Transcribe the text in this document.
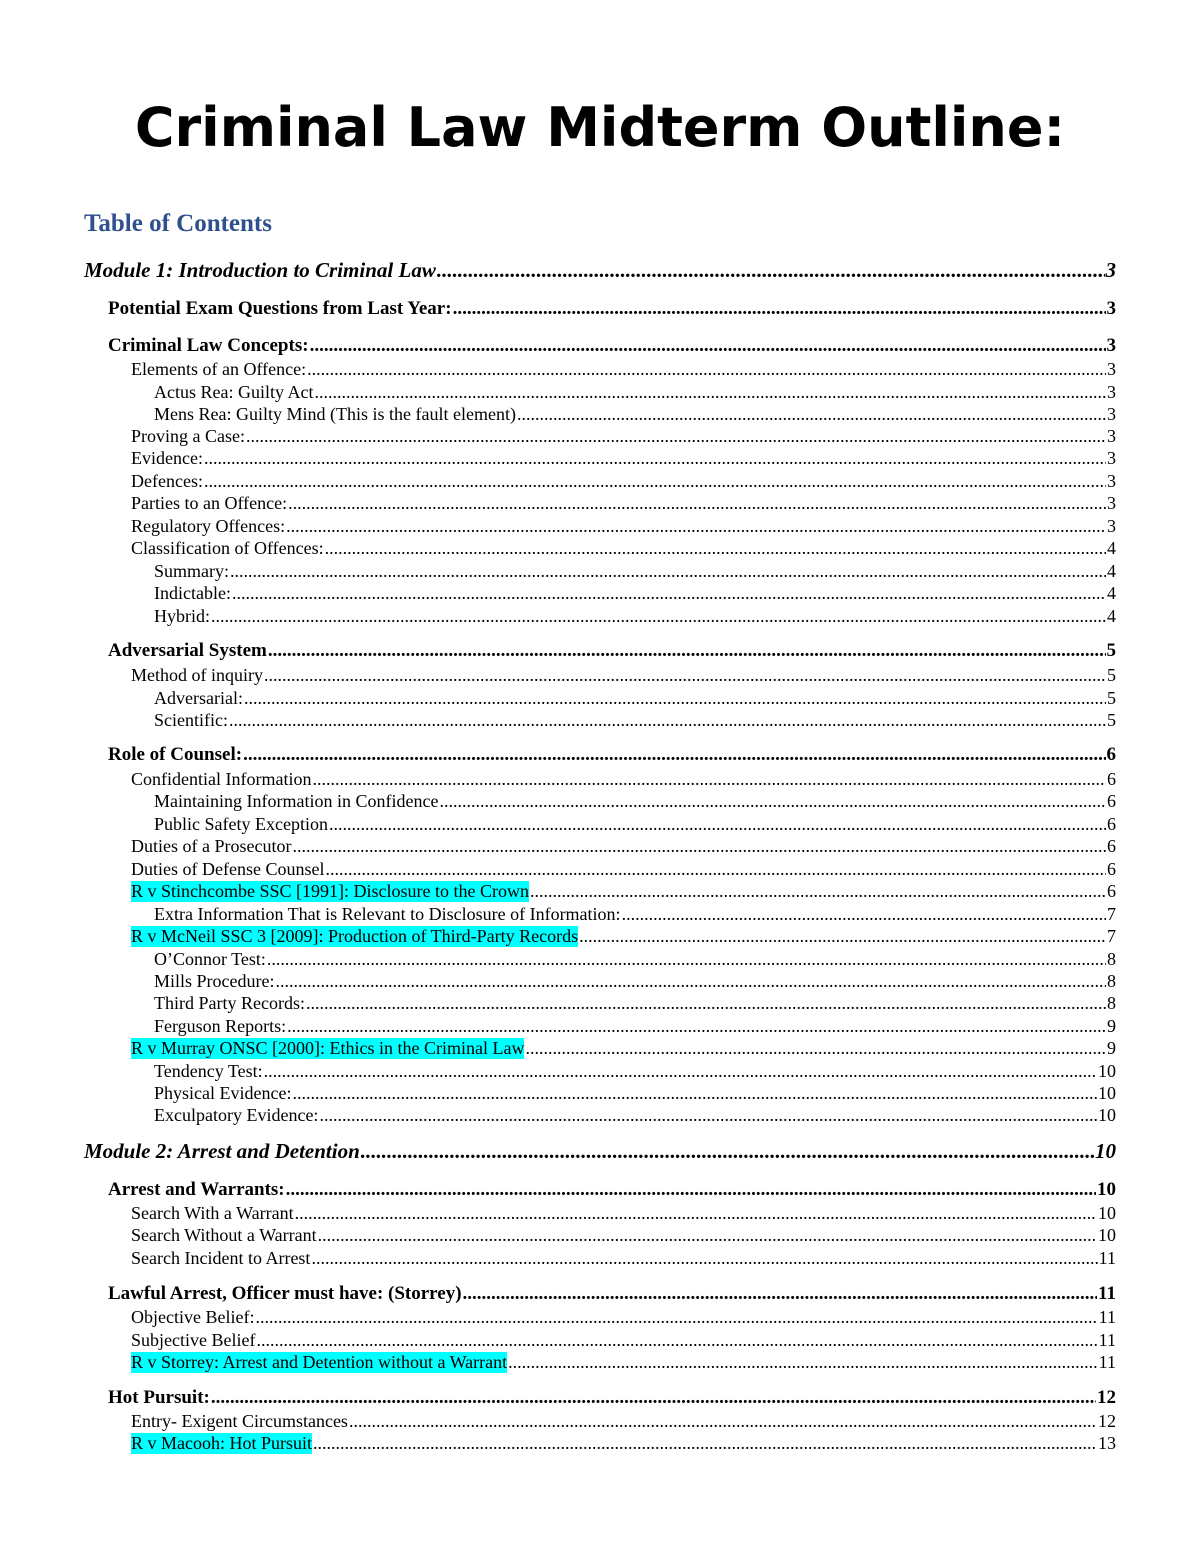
Criminal Law Midterm Outline:
Table of Contents
Module 1: Introduction to Criminal Law .....	3
Potential Exam Questions from Last Year: .....	3
Criminal Law Concepts: .....	3
Elements of an Offence: .....	3
Actus Rea: Guilty Act .....	3
Mens Rea: Guilty Mind (This is the fault element) .....	3
Proving a Case: .....	3
Evidence: .....	3
Defences: .....	3
Parties to an Offence: .....	3
Regulatory Offences: .....	3
Classification of Offences: .....	4
Summary: .....	4
Indictable: .....	4
Hybrid: .....	4
Adversarial System .....	5
Method of inquiry .....	5
Adversarial: .....	5
Scientific: .....	5
Role of Counsel: .....	6
Confidential Information .....	6
Maintaining Information in Confidence .....	6
Public Safety Exception .....	6
Duties of a Prosecutor .....	6
Duties of Defense Counsel .....	6
R v Stinchcombe SSC [1991]: Disclosure to the Crown .....	6
Extra Information That is Relevant to Disclosure of Information: .....	7
R v McNeil SSC 3 [2009]: Production of Third-Party Records .....	7
O’Connor Test: .....	8
Mills Procedure: .....	8
Third Party Records: .....	8
Ferguson Reports: .....	9
R v Murray ONSC [2000]: Ethics in the Criminal Law .....	9
Tendency Test: .....	10
Physical Evidence: .....	10
Exculpatory Evidence: .....	10
Module 2: Arrest and Detention .....	10
Arrest and Warrants: .....	10
Search With a Warrant .....	10
Search Without a Warrant .....	10
Search Incident to Arrest .....	11
Lawful Arrest, Officer must have: (Storrey) .....	11
Objective Belief: .....	11
Subjective Belief .....	11
R v Storrey: Arrest and Detention without a Warrant .....	11
Hot Pursuit: .....	12
Entry- Exigent Circumstances .....	12
R v Macooh: Hot Pursuit .....	13
